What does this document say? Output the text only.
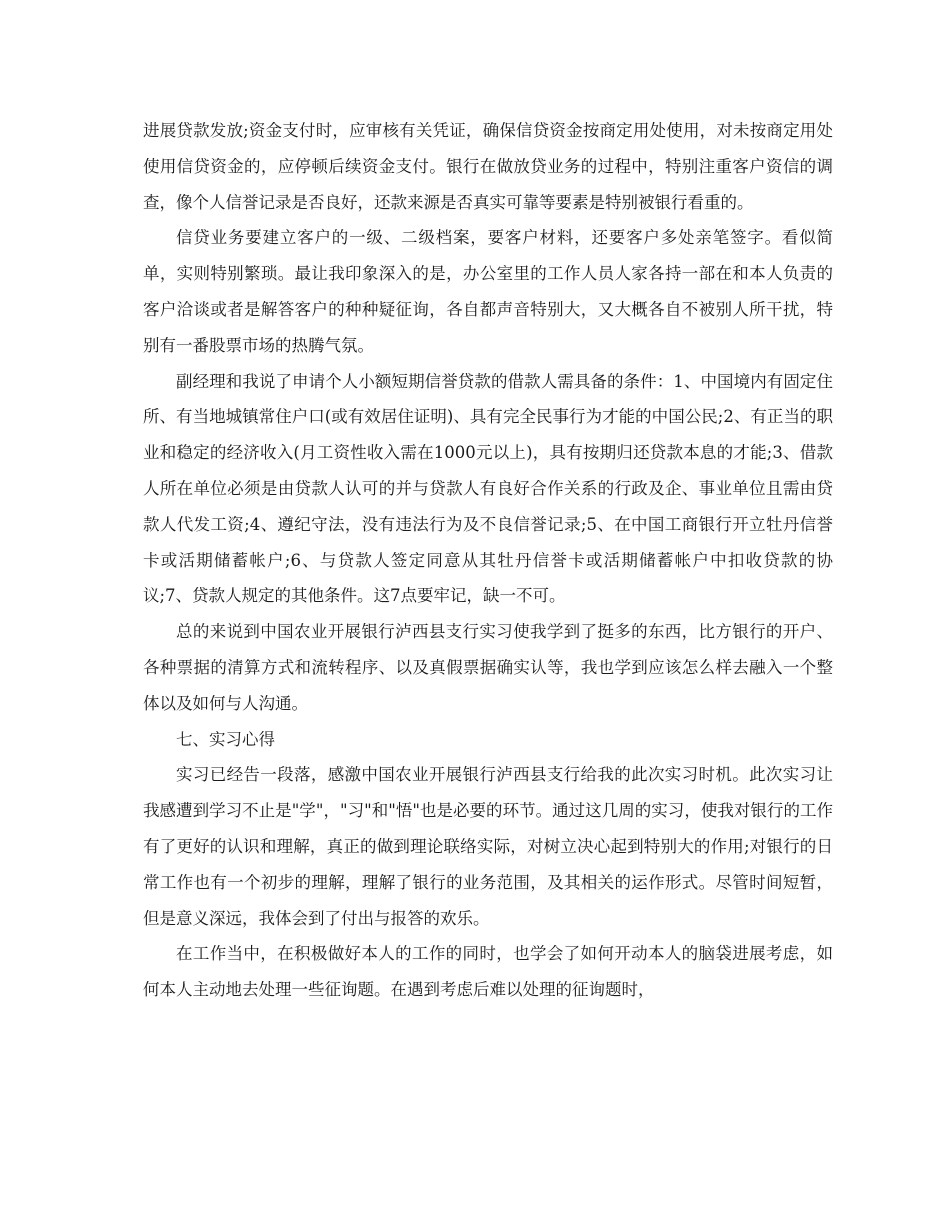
进展贷款发放;资金支付时，应审核有关凭证，确保信贷资金按商定用处使用，对未按商定用处使用信贷资金的，应停顿后续资金支付。银行在做放贷业务的过程中，特别注重客户资信的调查，像个人信誉记录是否良好，还款来源是否真实可靠等要素是特别被银行看重的。

信贷业务要建立客户的一级、二级档案，要客户材料，还要客户多处亲笔签字。看似简单，实则特别繁琐。最让我印象深入的是，办公室里的工作人员人家各持一部在和本人负责的客户洽谈或者是解答客户的种种疑征询，各自都声音特别大，又大概各自不被别人所干扰，特别有一番股票市场的热腾气氛。

副经理和我说了申请个人小额短期信誉贷款的借款人需具备的条件：1、中国境内有固定住所、有当地城镇常住户口(或有效居住证明)、具有完全民事行为才能的中国公民;2、有正当的职业和稳定的经济收入(月工资性收入需在1000元以上)，具有按期归还贷款本息的才能;3、借款人所在单位必须是由贷款人认可的并与贷款人有良好合作关系的行政及企、事业单位且需由贷款人代发工资;4、遵纪守法，没有违法行为及不良信誉记录;5、在中国工商银行开立牡丹信誉卡或活期储蓄帐户;6、与贷款人签定同意从其牡丹信誉卡或活期储蓄帐户中扣收贷款的协议;7、贷款人规定的其他条件。这7点要牢记，缺一不可。

总的来说到中国农业开展银行泸西县支行实习使我学到了挺多的东西，比方银行的开户、各种票据的清算方式和流转程序、以及真假票据确实认等，我也学到应该怎么样去融入一个整体以及如何与人沟通。

七、实习心得

实习已经告一段落，感激中国农业开展银行泸西县支行给我的此次实习时机。此次实习让我感遭到学习不止是"学"，"习"和"悟"也是必要的环节。通过这几周的实习，使我对银行的工作有了更好的认识和理解，真正的做到理论联络实际，对树立决心起到特别大的作用;对银行的日常工作也有一个初步的理解，理解了银行的业务范围，及其相关的运作形式。尽管时间短暂，但是意义深远，我体会到了付出与报答的欢乐。

在工作当中，在积极做好本人的工作的同时，也学会了如何开动本人的脑袋进展考虑，如何本人主动地去处理一些征询题。在遇到考虑后难以处理的征询题时，
